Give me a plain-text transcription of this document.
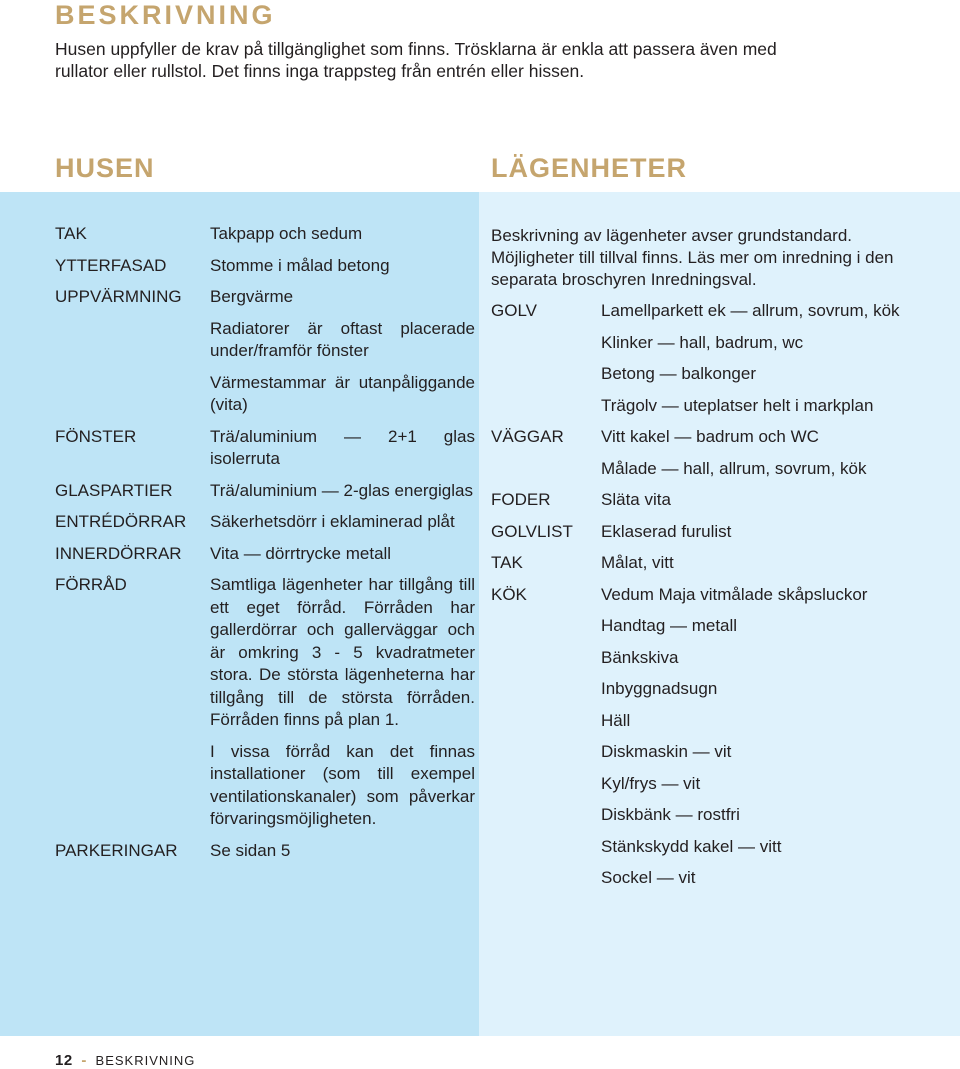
BESKRIVNING

Husen uppfyller de krav på tillgänglighet som finns. Trösklarna är enkla att passera även med rullator eller rullstol. Det finns inga trappsteg från entrén eller hissen.

HUSEN	LÄGENHETER
TAK	Takpapp och sedum
YTTERFASAD	Stomme i målad betong
UPPVÄRMNING	Bergvärme
Radiatorer är oftast placerade under/framför fönster
Värmestammar är utanpåliggande (vita)
FÖNSTER	Trä/aluminium — 2+1 glas isolerruta
GLASPARTIER	Trä/aluminium — 2-glas energiglas
ENTRÉDÖRRAR	Säkerhetsdörr i eklaminerad plåt
INNERDÖRRAR	Vita — dörrtrycke metall
FÖRRÅD	Samtliga lägenheter har tillgång till ett eget förråd. Förråden har gallerdörrar och gallerväggar och är omkring 3 - 5 kvadratmeter stora. De största lägenheterna har tillgång till de största förråden. Förråden finns på plan 1.
I vissa förråd kan det finnas installationer (som till exempel ventilationskanaler) som påverkar förvaringsmöjligheten.
PARKERINGAR	Se sidan 5

Beskrivning av lägenheter avser grundstandard. Möjligheter till tillval finns. Läs mer om inredning i den separata broschyren Inredningsval.

GOLV	Lamellparkett ek — allrum, sovrum, kök
Klinker — hall, badrum, wc
Betong — balkonger
Trägolv — uteplatser helt i markplan
VÄGGAR	Vitt kakel — badrum och WC
Målade — hall, allrum, sovrum, kök
FODER	Släta vita
GOLVLIST	Eklaserad furulist
TAK	Målat, vitt
KÖK	Vedum Maja vitmålade skåpsluckor
Handtag — metall
Bänkskiva
Inbyggnadsugn
Häll
Diskmaskin — vit
Kyl/frys — vit
Diskbänk — rostfri
Stänkskydd kakel — vitt
Sockel — vit
12 - BESKRIVNING
